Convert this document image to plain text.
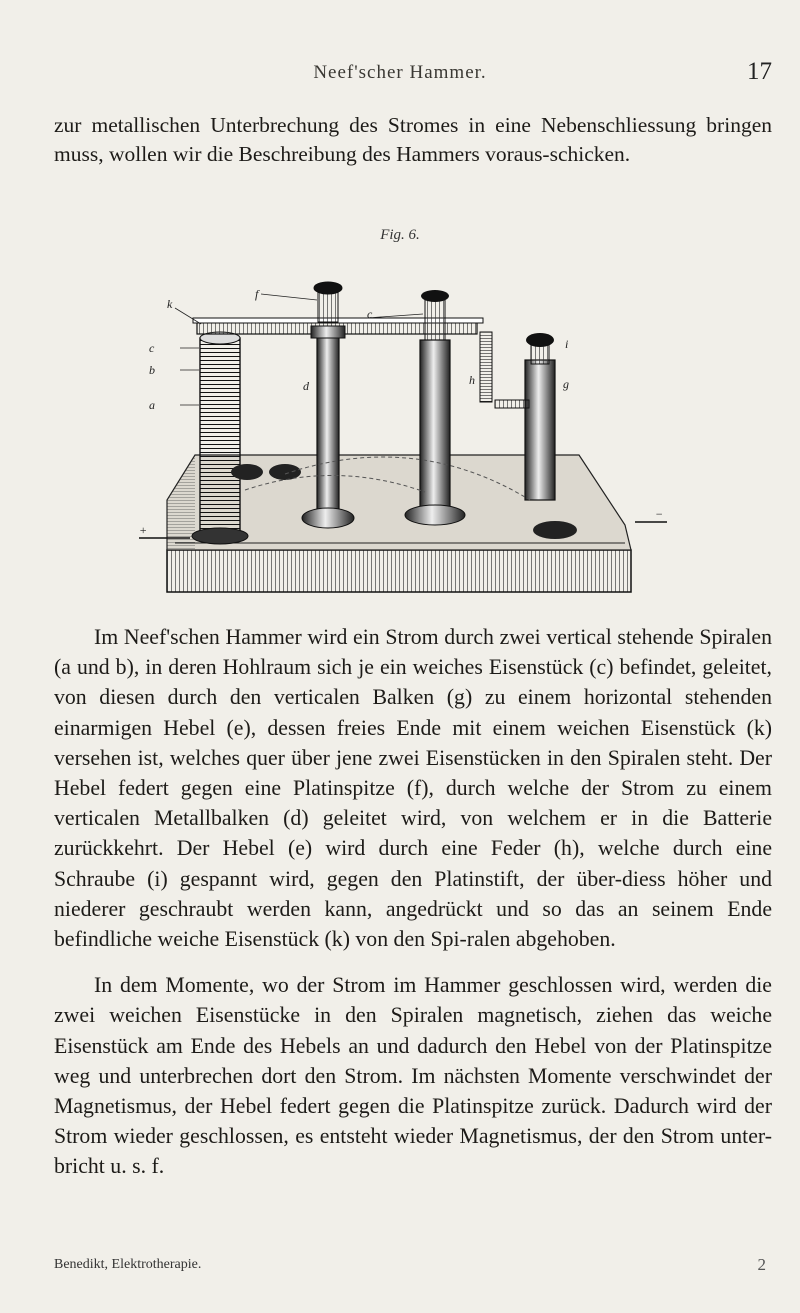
Neef'scher Hammer.	17
zur metallischen Unterbrechung des Stromes in eine Nebenschliessung bringen muss, wollen wir die Beschreibung des Hammers voraus-schicken.
Fig. 6.
k
f
c
c
b
a
d	h
i
g
+
−

Im Neef'schen Hammer wird ein Strom durch zwei vertical stehende Spiralen (a und b), in deren Hohlraum sich je ein weiches Eisenstück (c) befindet, geleitet, von diesen durch den verticalen Balken (g) zu einem horizontal stehenden einarmigen Hebel (e), dessen freies Ende mit einem weichen Eisenstück (k) versehen ist, welches quer über jene zwei Eisenstücken in den Spiralen steht. Der Hebel federt gegen eine Platinspitze (f), durch welche der Strom zu einem verticalen Metallbalken (d) geleitet wird, von welchem er in die Batterie zurückkehrt. Der Hebel (e) wird durch eine Feder (h), welche durch eine Schraube (i) gespannt wird, gegen den Platinstift, der über-diess höher und niederer geschraubt werden kann, angedrückt und so das an seinem Ende befindliche weiche Eisenstück (k) von den Spi-ralen abgehoben.

In dem Momente, wo der Strom im Hammer geschlossen wird, werden die zwei weichen Eisenstücke in den Spiralen magnetisch, ziehen das weiche Eisenstück am Ende des Hebels an und dadurch den Hebel von der Platinspitze weg und unterbrechen dort den Strom. Im nächsten Momente verschwindet der Magnetismus, der Hebel federt gegen die Platinspitze zurück. Dadurch wird der Strom wieder geschlossen, es entsteht wieder Magnetismus, der den Strom unter-bricht u. s. f.

Benedikt, Elektrotherapie.	2
